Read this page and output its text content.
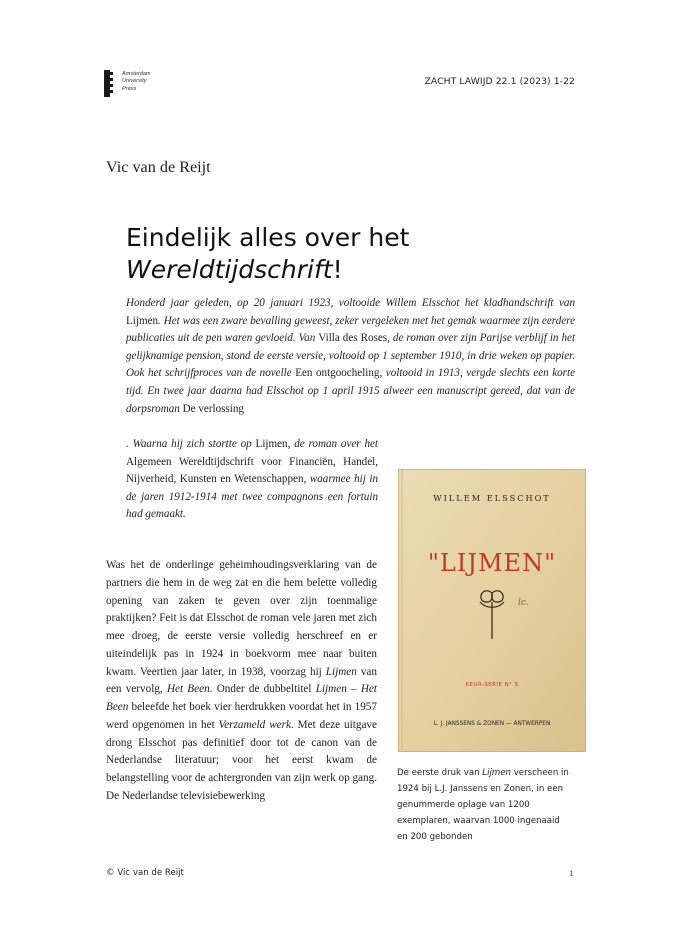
Amsterdam
University
Press
ZACHT LAWIJD 22.1 (2023) 1-22
Vic van de Reijt
Eindelijk alles over het
Wereldtijdschrift!
Honderd jaar geleden, op 20 januari 1923, voltooide Willem Elsschot het kladhandschrift van Lijmen. Het was een zware bevalling geweest, zeker vergeleken met het gemak waarmee zijn eerdere publicaties uit de pen waren gevloeid. Van Villa des Roses, de roman over zijn Parijse verblijf in het gelijknamige pension, stond de eerste versie, voltooid op 1 september 1910, in drie weken op papier. Ook het schrijfproces van de novelle Een ontgoocheling, voltooid in 1913, vergde slechts een korte tijd. En twee jaar daarna had Elsschot op 1 april 1915 alweer een manuscript gereed, dat van de dorpsroman De verlossing
. Waarna hij zich stortte op Lijmen, de roman over het Algemeen Wereldtijdschrift voor Financiën, Handel, Nijverheid, Kunsten en Wetenschappen, waarmee hij in de jaren 1912-1914 met twee compagnons een fortuin had gemaakt.
WILLEM ELSSCHOT
"LIJMEN"
lc.
KEUR-SERIE N° 5
L. J. JANSSENS & ZONEN — ANTWERPEN
De eerste druk van Lijmen verscheen in 1924 bij L.J. Janssens en Zonen, in een genummerde oplage van 1200 exemplaren, waarvan 1000 ingenaaid en 200 gebonden
Was het de onderlinge geheimhoudingsverklaring van de partners die hem in de weg zat en die hem belette volledig opening van zaken te geven over zijn toenmalige praktijken? Feit is dat Elsschot de roman vele jaren met zich mee droeg, de eerste versie volledig herschreef en er uiteindelijk pas in 1924 in boekvorm mee naar buiten kwam. Veertien jaar later, in 1938, voorzag hij Lijmen van een vervolg, Het Been. Onder de dubbeltitel Lijmen – Het Been beleefde het boek vier herdrukken voordat het in 1957 werd opgenomen in het Verzameld werk. Met deze uitgave drong Elsschot pas definitief door tot de canon van de Nederlandse literatuur; voor het eerst kwam de belangstelling voor de achtergronden van zijn werk op gang. De Nederlandse televisiebewerking
© Vic van de Reijt	1
